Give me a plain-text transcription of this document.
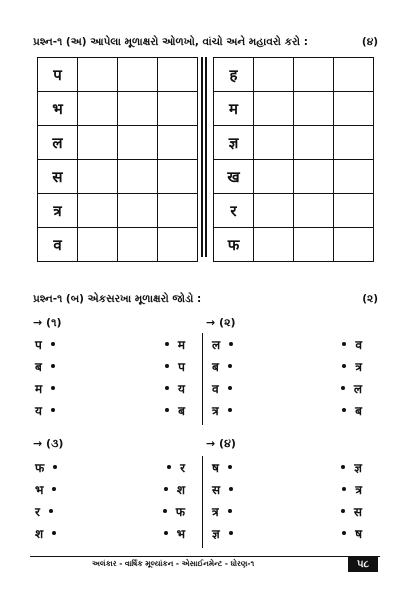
પ્રશ્ન-૧ (અ) આપેલા મૂળાક્ષરો ઓળખો, વાંચો અને મહાવરો કરો :	(૪)
प			
भ			
ल			
स			
त्र			
व			
ह			
म			
ज्ञ			
ख			
र			
फ			
પ્રશ્ન-૧ (બ) એકસરખા મૂળાક્ષરો જોડો :	(૨)
→ (૧)
प	म
ब	प
म	य
य	ब
→ (૨)
ल	व
ब	त्र
व	ल
त्र	ब
→ (૩)
फ	र
भ	श
र	फ
श	भ
→ (૪)
ष	ज्ञ
स	त्र
त्र	स
ज्ञ	ष
અલંકાર - વાર્ષિક મૂલ્યાંકન - એસાઈનમેન્ટ - ધોરણ-૧	૫૮
